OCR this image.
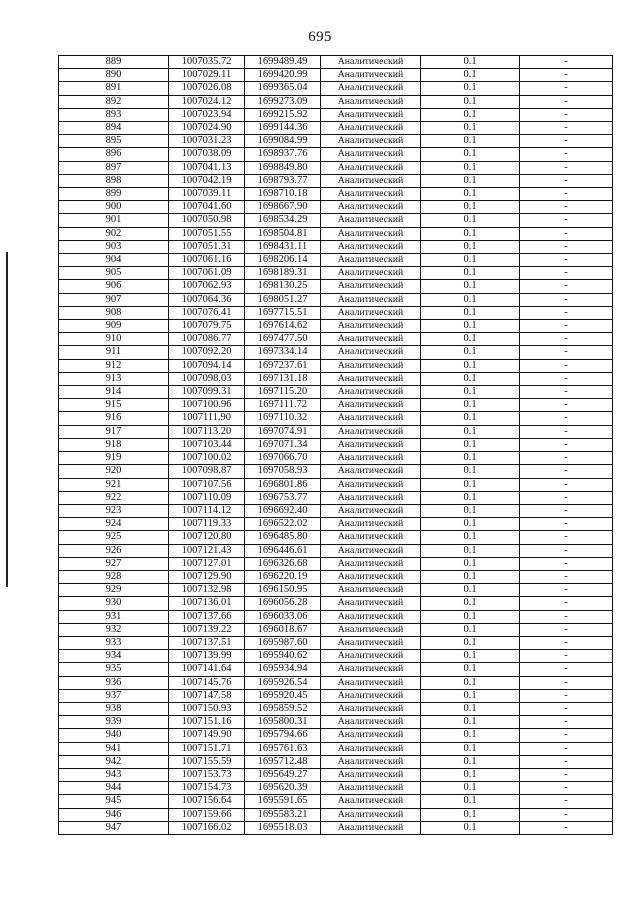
695
889	1007035.72	1699489.49	Аналитический	0.1	-
890	1007029.11	1699420.99	Аналитический	0.1	-
891	1007026.08	1699365.04	Аналитический	0.1	-
892	1007024.12	1699273.09	Аналитический	0.1	-
893	1007023.94	1699215.92	Аналитический	0.1	-
894	1007024.90	1699144.36	Аналитический	0.1	-
895	1007031.23	1699084.99	Аналитический	0.1	-
896	1007038.09	1698937.76	Аналитический	0.1	-
897	1007041.13	1698849.80	Аналитический	0.1	-
898	1007042.19	1698793.77	Аналитический	0.1	-
899	1007039.11	1698710.18	Аналитический	0.1	-
900	1007041.60	1698667.90	Аналитический	0.1	-
901	1007050.98	1698534.29	Аналитический	0.1	-
902	1007051.55	1698504.81	Аналитический	0.1	-
903	1007051.31	1698431.11	Аналитический	0.1	-
904	1007061.16	1698206.14	Аналитический	0.1	-
905	1007061.09	1698189.31	Аналитический	0.1	-
906	1007062.93	1698130.25	Аналитический	0.1	-
907	1007064.36	1698051.27	Аналитический	0.1	-
908	1007076.41	1697715.51	Аналитический	0.1	-
909	1007079.75	1697614.62	Аналитический	0.1	-
910	1007086.77	1697477.50	Аналитический	0.1	-
911	1007092.20	1697334.14	Аналитический	0.1	-
912	1007094.14	1697237.61	Аналитический	0.1	-
913	1007098.03	1697131.18	Аналитический	0.1	-
914	1007099.31	1697115.20	Аналитический	0.1	-
915	1007100.96	1697111.72	Аналитический	0.1	-
916	1007111.90	1697110.32	Аналитический	0.1	-
917	1007113.20	1697074.91	Аналитический	0.1	-
918	1007103.44	1697071.34	Аналитический	0.1	-
919	1007100.02	1697066.70	Аналитический	0.1	-
920	1007098.87	1697058.93	Аналитический	0.1	-
921	1007107.56	1696801.86	Аналитический	0.1	-
922	1007110.09	1696753.77	Аналитический	0.1	-
923	1007114.12	1696692.40	Аналитический	0.1	-
924	1007119.33	1696522.02	Аналитический	0.1	-
925	1007120.80	1696485.80	Аналитический	0.1	-
926	1007121.43	1696446.61	Аналитический	0.1	-
927	1007127.01	1696326.68	Аналитический	0.1	-
928	1007129.90	1696220.19	Аналитический	0.1	-
929	1007132.98	1696150.95	Аналитический	0.1	-
930	1007136.01	1696056.28	Аналитический	0.1	-
931	1007137.66	1696033.06	Аналитический	0.1	-
932	1007139.22	1696018.67	Аналитический	0.1	-
933	1007137.51	1695987.60	Аналитический	0.1	-
934	1007139.99	1695940.62	Аналитический	0.1	-
935	1007141.64	1695934.94	Аналитический	0.1	-
936	1007145.76	1695926.54	Аналитический	0.1	-
937	1007147.58	1695920.45	Аналитический	0.1	-
938	1007150.93	1695859.52	Аналитический	0.1	-
939	1007151.16	1695800.31	Аналитический	0.1	-
940	1007149.90	1695794.66	Аналитический	0.1	-
941	1007151.71	1695761.63	Аналитический	0.1	-
942	1007155.59	1695712.48	Аналитический	0.1	-
943	1007153.73	1695649.27	Аналитический	0.1	-
944	1007154.73	1695620.39	Аналитический	0.1	-
945	1007156.64	1695591.65	Аналитический	0.1	-
946	1007159.66	1695583.21	Аналитический	0.1	-
947	1007166.02	1695518.03	Аналитический	0.1	-
